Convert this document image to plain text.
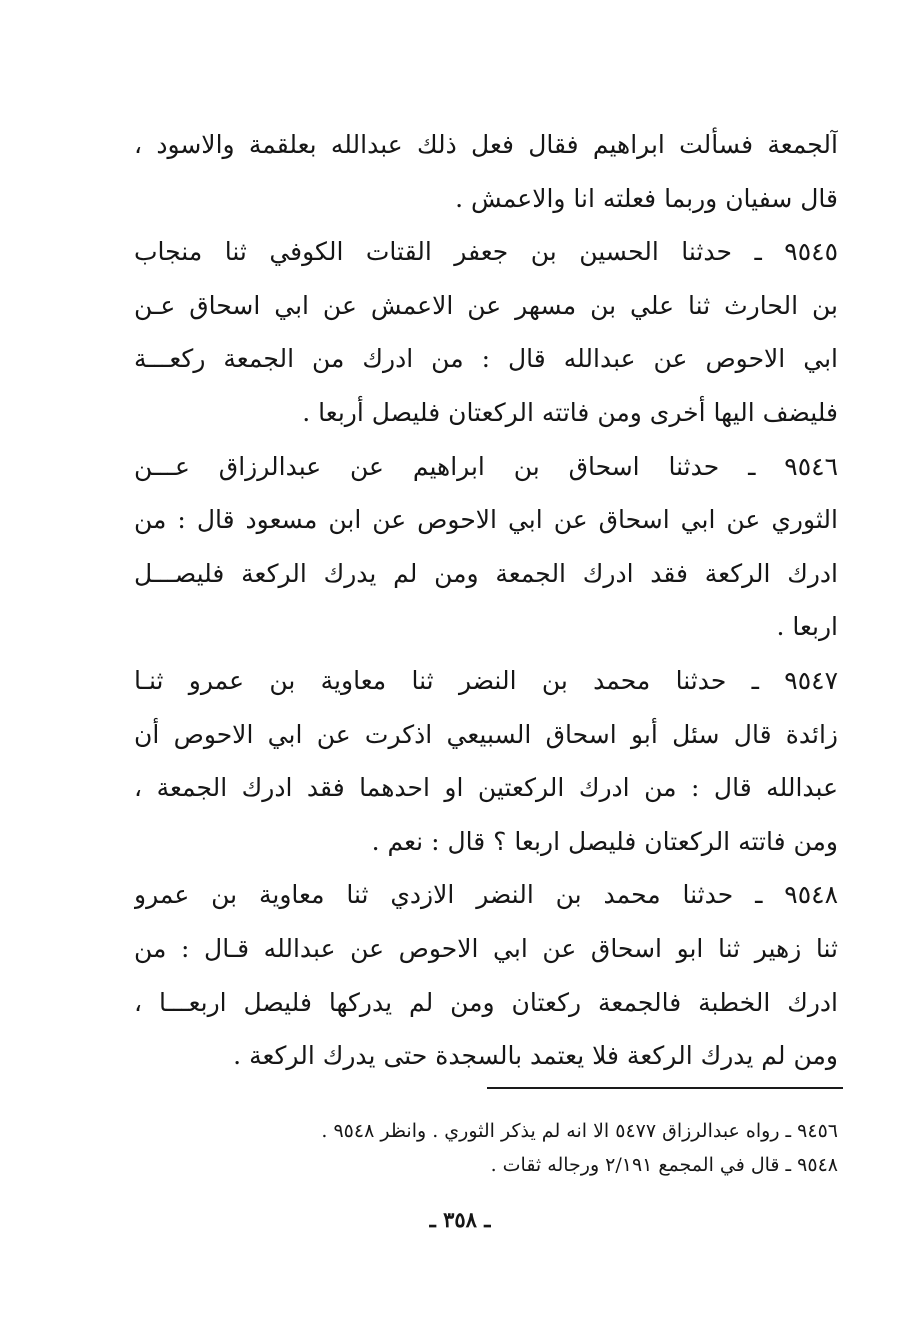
آلجمعة فسألت ابراهيم فقال فعل ذلك عبدالله بعلقمة والاسود ،
قال سفيان وربما فعلته انا والاعمش .
٩٥٤٥ ـ حدثنا الحسين بن جعفر القتات الكوفي ثنا منجاب
بن الحارث ثنا علي بن مسهر عن الاعمش عن ابي اسحاق عـن
ابي الاحوص عن عبدالله قال : من ادرك من الجمعة ركعـــة
فليضف اليها أخرى ومن فاتته الركعتان فليصل أربعا .
٩٥٤٦ ـ حدثنا اسحاق بن ابراهيم عن عبدالرزاق عـــن
الثوري عن ابي اسحاق عن ابي الاحوص عن ابن مسعود قال : من
ادرك الركعة فقد ادرك الجمعة ومن لم يدرك الركعة فليصـــل
اربعا .
٩٥٤٧ ـ حدثنا محمد بن النضر ثنا معاوية بن عمرو ثنـا
زائدة قال سئل أبو اسحاق السبيعي اذكرت عن ابي الاحوص أن
عبدالله قال : من ادرك الركعتين او احدهما فقد ادرك الجمعة ،
ومن فاتته الركعتان فليصل اربعا ؟ قال : نعم .
٩٥٤٨ ـ حدثنا محمد بن النضر الازدي ثنا معاوية بن عمرو
ثنا زهير ثنا ابو اسحاق عن ابي الاحوص عن عبدالله قـال : من
ادرك الخطبة فالجمعة ركعتان ومن لم يدركها فليصل اربعـــا ،
ومن لم يدرك الركعة فلا يعتمد بالسجدة حتى يدرك الركعة .
٩٤٥٦ ـ رواه عبدالرزاق ٥٤٧٧ الا انه لم يذكر الثوري . وانظر ٩٥٤٨ .
٩٥٤٨ ـ قال في المجمع ٢/١٩١ ورجاله ثقات .
ـ ٣٥٨ ـ
